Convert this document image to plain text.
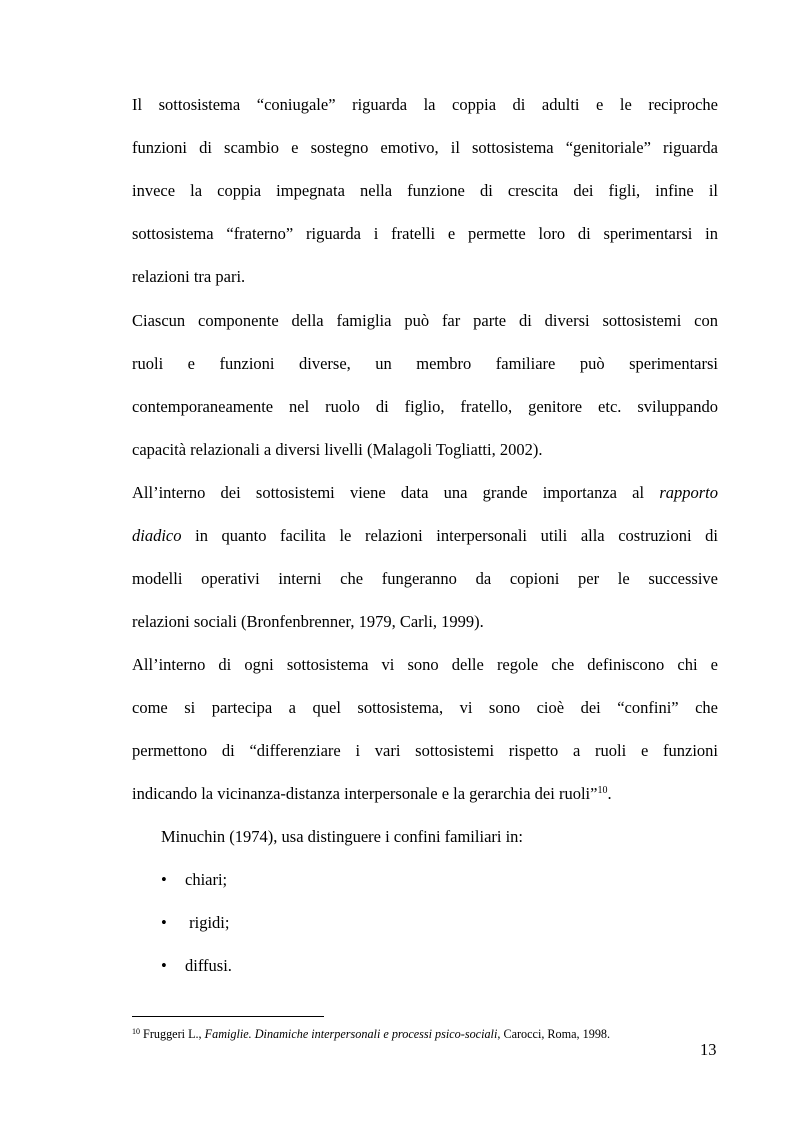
Il sottosistema “coniugale” riguarda la coppia di adulti e le reciproche
funzioni di scambio e sostegno emotivo, il sottosistema “genitoriale” riguarda
invece la coppia impegnata nella funzione di crescita dei figli, infine il
sottosistema “fraterno” riguarda i fratelli e permette loro di sperimentarsi in
relazioni tra pari.
Ciascun componente della famiglia può far parte di diversi sottosistemi con
ruoli e funzioni diverse, un membro familiare può sperimentarsi
contemporaneamente nel ruolo di figlio, fratello, genitore etc. sviluppando
capacità relazionali a diversi livelli (Malagoli Togliatti, 2002).
All’interno dei sottosistemi viene data una grande importanza al rapporto
diadico in quanto facilita le relazioni interpersonali utili alla costruzioni di
modelli operativi interni che fungeranno da copioni per le successive
relazioni sociali (Bronfenbrenner, 1979, Carli, 1999).
All’interno di ogni sottosistema vi sono delle regole che definiscono chi e
come si partecipa a quel sottosistema, vi sono cioè dei “confini” che
permettono di “differenziare i vari sottosistemi rispetto a ruoli e funzioni
indicando la vicinanza-distanza interpersonale e la gerarchia dei ruoli”$^{10}$.
Minuchin (1974), usa distinguere i confini familiari in:
• chiari;
• rigidi;
• diffusi.
$^{10}$ Fruggeri L., Famiglie. Dinamiche interpersonali e processi psico-sociali, Carocci, Roma, 1998.
13
